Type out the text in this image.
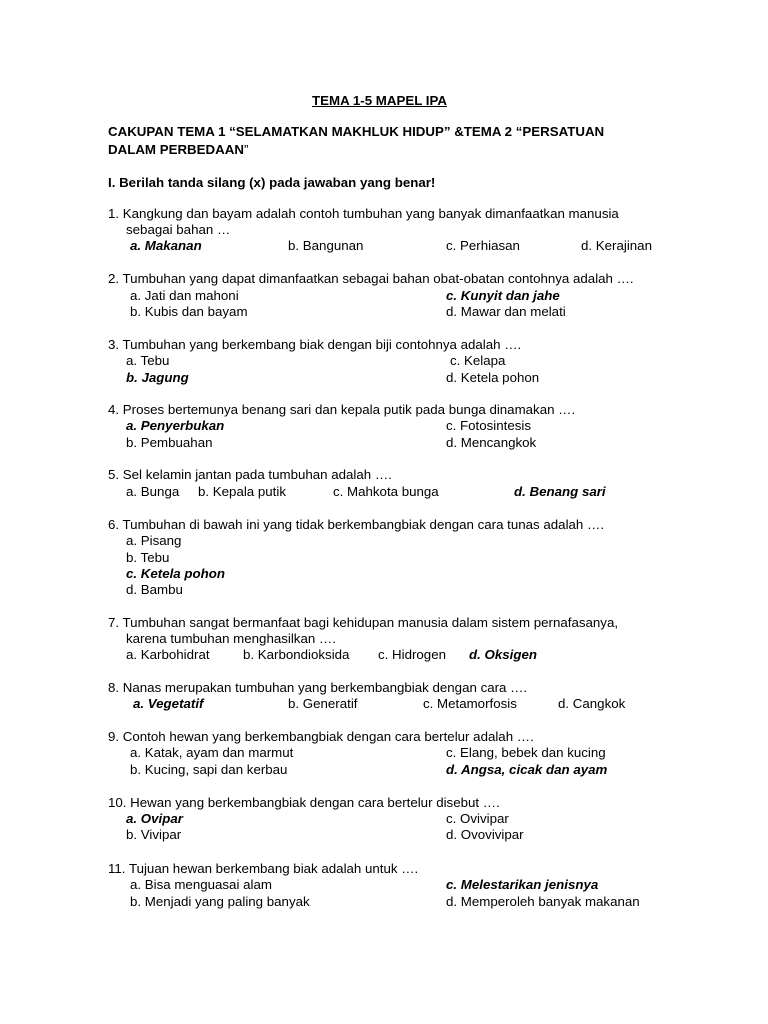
TEMA 1-5 MAPEL IPA
CAKUPAN TEMA 1 “SELAMATKAN MAKHLUK HIDUP” &TEMA 2 “PERSATUAN
DALAM PERBEDAAN”
I. Berilah tanda silang (x) pada jawaban yang benar!
1. Kangkung dan bayam adalah contoh tumbuhan yang banyak dimanfaatkan manusia
sebagai bahan …
a. Makanan	b. Bangunan	c. Perhiasan	d. Kerajinan
2. Tumbuhan yang dapat dimanfaatkan sebagai bahan obat-obatan contohnya adalah ….
a. Jati dan mahoni	c. Kunyit dan jahe
b. Kubis dan bayam	d. Mawar dan melati
3. Tumbuhan yang berkembang biak dengan biji contohnya adalah ….
a. Tebu	c. Kelapa
b. Jagung	d. Ketela pohon
4. Proses bertemunya benang sari dan kepala putik pada bunga dinamakan ….
a. Penyerbukan	c. Fotosintesis
b. Pembuahan	d. Mencangkok
5. Sel kelamin jantan pada tumbuhan adalah ….
a. Bunga b. Kepala putik	c. Mahkota bunga	d. Benang sari
6. Tumbuhan di bawah ini yang tidak berkembangbiak dengan cara tunas adalah ….
a. Pisang
b. Tebu
c. Ketela pohon
d. Bambu
7. Tumbuhan sangat bermanfaat bagi kehidupan manusia dalam sistem pernafasanya,
karena tumbuhan menghasilkan ….
a. Karbohidrat	b. Karbondioksida c. Hidrogen d. Oksigen
8. Nanas merupakan tumbuhan yang berkembangbiak dengan cara ….
a. Vegetatif	b. Generatif	c. Metamorfosis	d. Cangkok
9. Contoh hewan yang berkembangbiak dengan cara bertelur adalah ….
a. Katak, ayam dan marmut	c. Elang, bebek dan kucing
b. Kucing, sapi dan kerbau	d. Angsa, cicak dan ayam
10. Hewan yang berkembangbiak dengan cara bertelur disebut ….
a. Ovipar	c. Ovivipar
b. Vivipar	d. Ovovivipar
11. Tujuan hewan berkembang biak adalah untuk ….
a. Bisa menguasai alam	c. Melestarikan jenisnya
b. Menjadi yang paling banyak	d. Memperoleh banyak makanan
